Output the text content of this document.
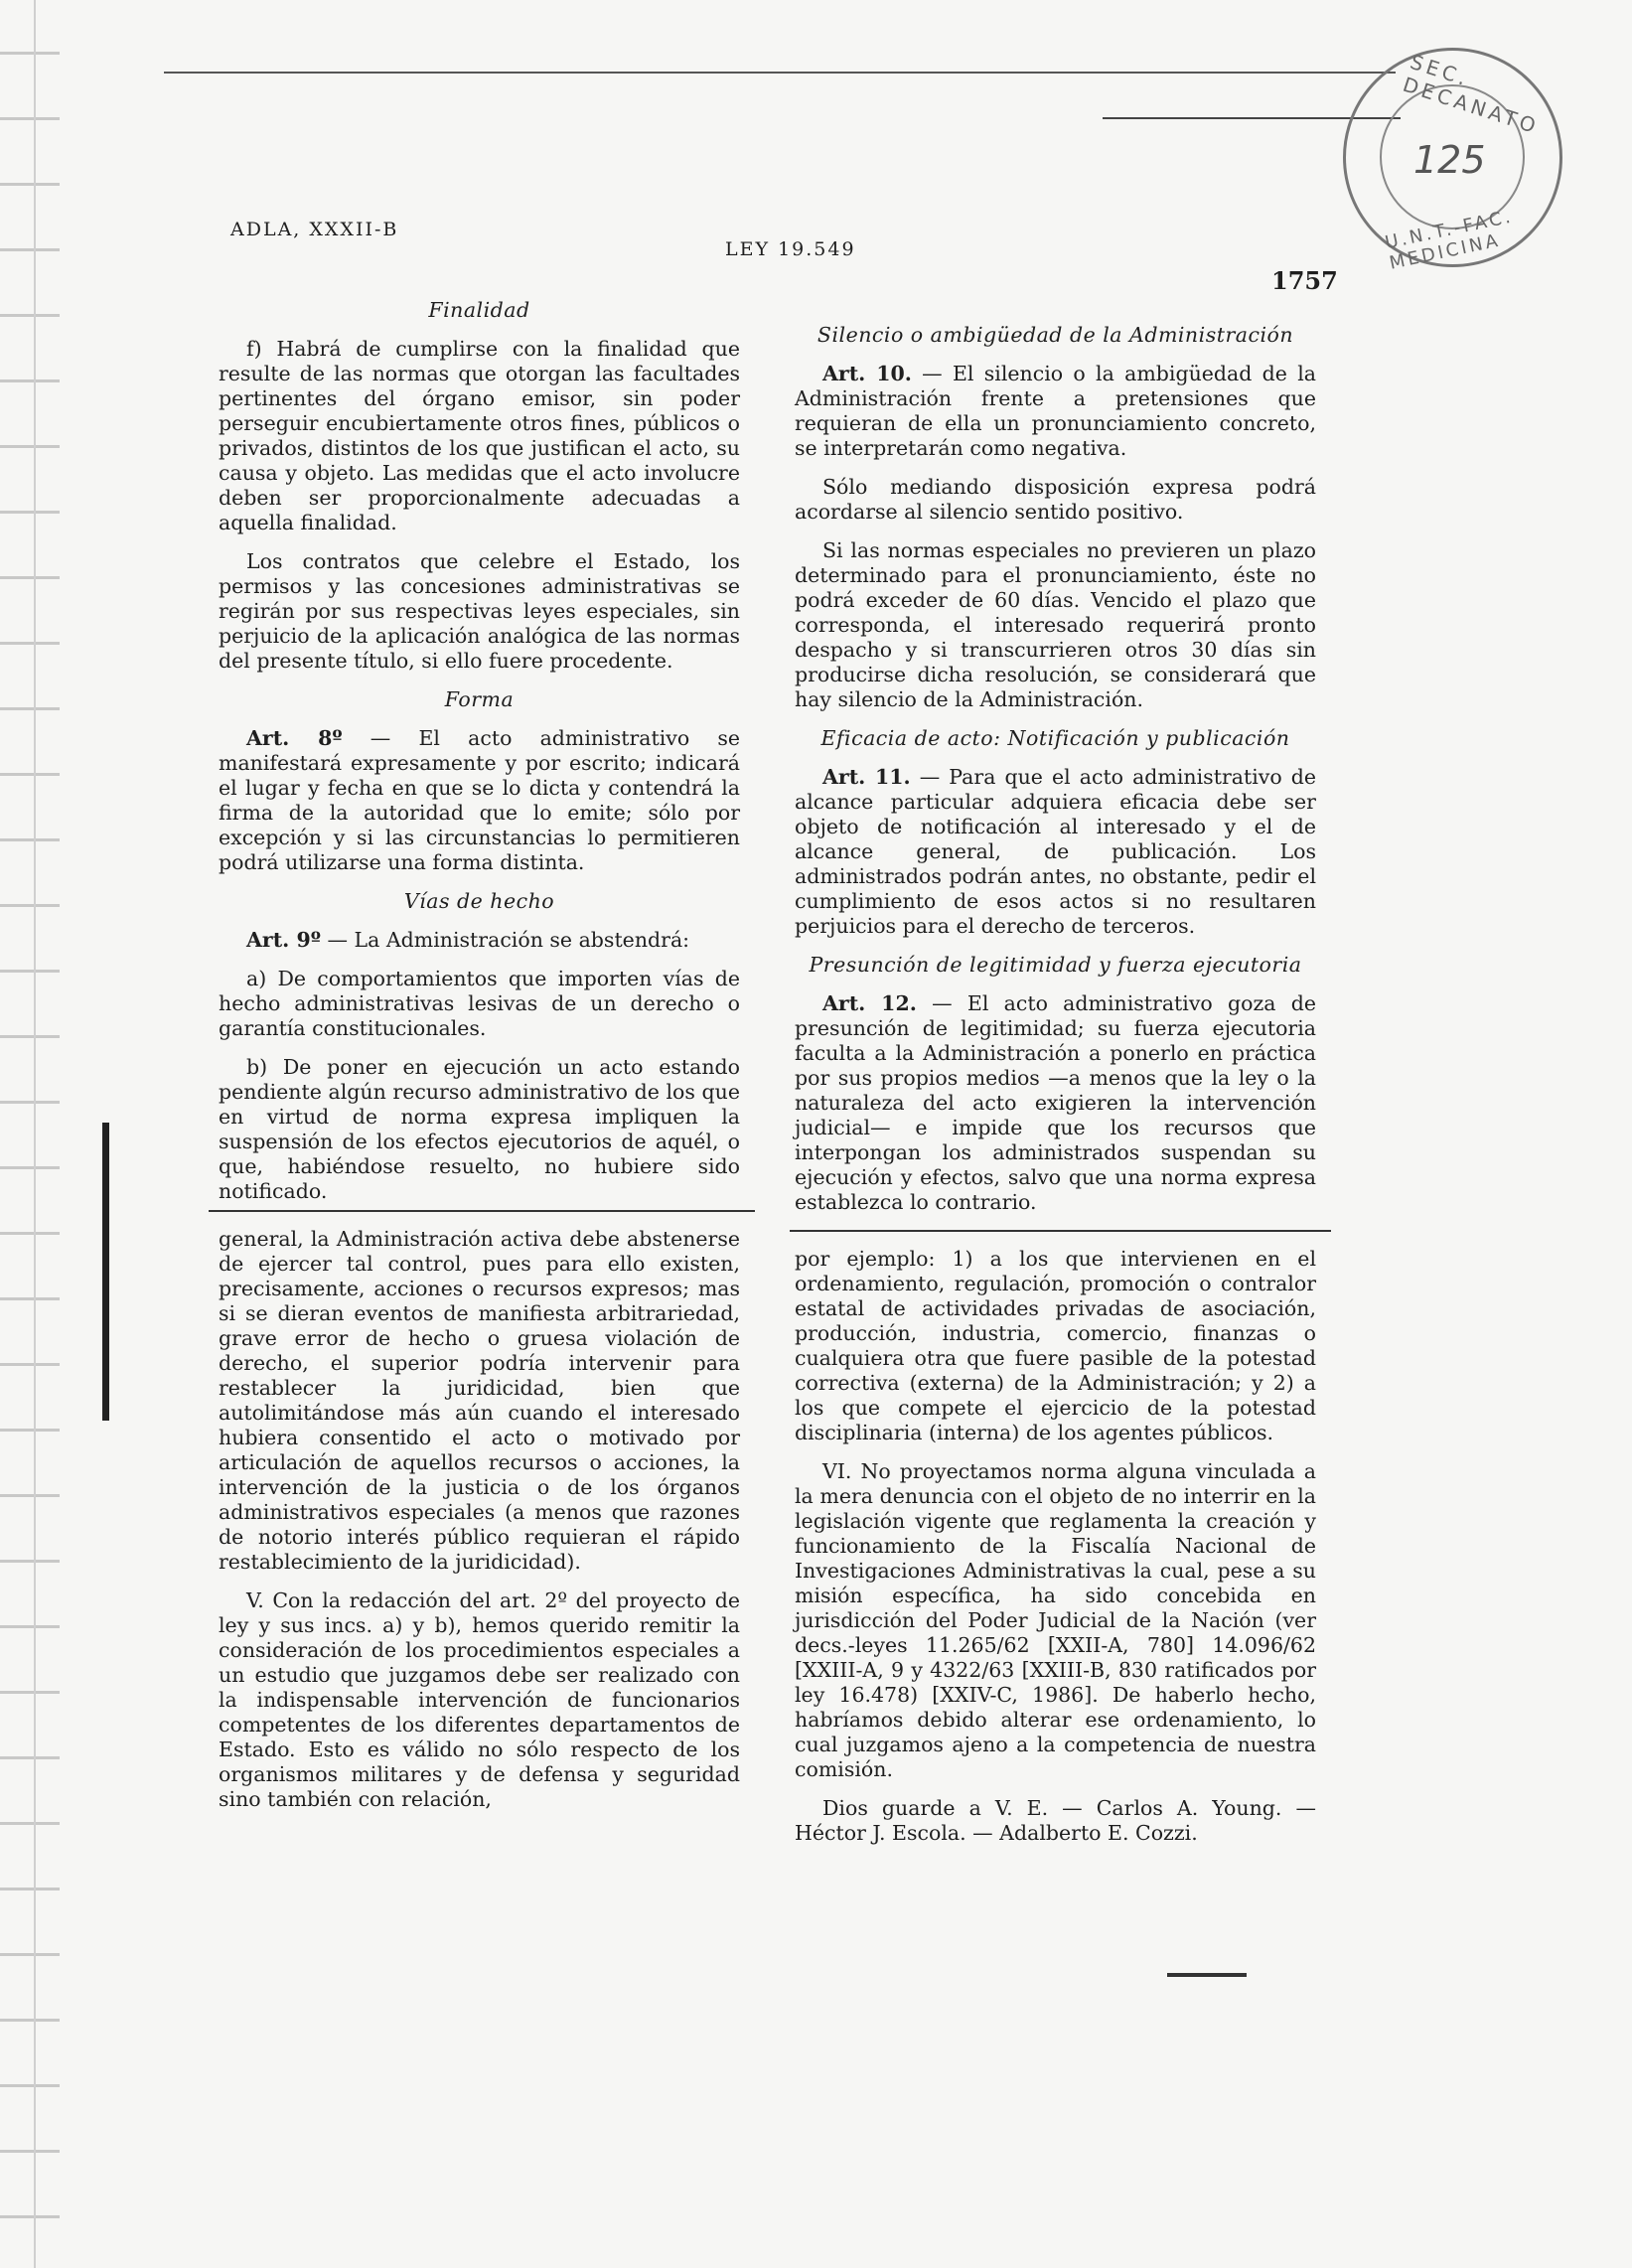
SEC. DECANATO
125
U.N.T.-FAC. MEDICINA
ADLA, XXXII-B
LEY 19.549
1757
Finalidad

f) Habrá de cumplirse con la finalidad que resulte de las normas que otorgan las facultades pertinentes del órgano emisor, sin poder perseguir encubiertamente otros fines, públicos o privados, distintos de los que justifican el acto, su causa y objeto. Las medidas que el acto involucre deben ser proporcionalmente adecuadas a aquella finalidad.

Los contratos que celebre el Estado, los permisos y las concesiones administrativas se regirán por sus respectivas leyes especiales, sin perjuicio de la aplicación analógica de las normas del presente título, si ello fuere procedente.

Forma

Art. 8º — El acto administrativo se manifestará expresamente y por escrito; indicará el lugar y fecha en que se lo dicta y contendrá la firma de la autoridad que lo emite; sólo por excepción y si las circunstancias lo permitieren podrá utilizarse una forma distinta.

Vías de hecho

Art. 9º — La Administración se abstendrá:

a) De comportamientos que importen vías de hecho administrativas lesivas de un derecho o garantía constitucionales.

b) De poner en ejecución un acto estando pendiente algún recurso administrativo de los que en virtud de norma expresa impliquen la suspensión de los efectos ejecutorios de aquél, o que, habiéndose resuelto, no hubiere sido notificado.

Silencio o ambigüedad de la Administración

Art. 10. — El silencio o la ambigüedad de la Administración frente a pretensiones que requieran de ella un pronunciamiento concreto, se interpretarán como negativa.

Sólo mediando disposición expresa podrá acordarse al silencio sentido positivo.

Si las normas especiales no previeren un plazo determinado para el pronunciamiento, éste no podrá exceder de 60 días. Vencido el plazo que corresponda, el interesado requerirá pronto despacho y si transcurrieren otros 30 días sin producirse dicha resolución, se considerará que hay silencio de la Administración.

Eficacia de acto: Notificación y publicación

Art. 11. — Para que el acto administrativo de alcance particular adquiera eficacia debe ser objeto de notificación al interesado y el de alcance general, de publicación. Los administrados podrán antes, no obstante, pedir el cumplimiento de esos actos si no resultaren perjuicios para el derecho de terceros.

Presunción de legitimidad y fuerza ejecutoria

Art. 12. — El acto administrativo goza de presunción de legitimidad; su fuerza ejecutoria faculta a la Administración a ponerlo en práctica por sus propios medios —a menos que la ley o la naturaleza del acto exigieren la intervención judicial— e impide que los recursos que interpongan los administrados suspendan su ejecución y efectos, salvo que una norma expresa establezca lo contrario.

general, la Administración activa debe abstenerse de ejercer tal control, pues para ello existen, precisamente, acciones o recursos expresos; mas si se dieran eventos de manifiesta arbitrariedad, grave error de hecho o gruesa violación de derecho, el superior podría intervenir para restablecer la juridicidad, bien que autolimitándose más aún cuando el interesado hubiera consentido el acto o motivado por articulación de aquellos recursos o acciones, la intervención de la justicia o de los órganos administrativos especiales (a menos que razones de notorio interés público requieran el rápido restablecimiento de la juridicidad).

V. Con la redacción del art. 2º del proyecto de ley y sus incs. a) y b), hemos querido remitir la consideración de los procedimientos especiales a un estudio que juzgamos debe ser realizado con la indispensable intervención de funcionarios competentes de los diferentes departamentos de Estado. Esto es válido no sólo respecto de los organismos militares y de defensa y seguridad sino también con relación,

por ejemplo: 1) a los que intervienen en el ordenamiento, regulación, promoción o contralor estatal de actividades privadas de asociación, producción, industria, comercio, finanzas o cualquiera otra que fuere pasible de la potestad correctiva (externa) de la Administración; y 2) a los que compete el ejercicio de la potestad disciplinaria (interna) de los agentes públicos.

VI. No proyectamos norma alguna vinculada a la mera denuncia con el objeto de no interrir en la legislación vigente que reglamenta la creación y funcionamiento de la Fiscalía Nacional de Investigaciones Administrativas la cual, pese a su misión específica, ha sido concebida en jurisdicción del Poder Judicial de la Nación (ver decs.-leyes 11.265/62 [XXII-A, 780] 14.096/62 [XXIII-A, 9 y 4322/63 [XXIII-B, 830 ratificados por ley 16.478) [XXIV-C, 1986]. De haberlo hecho, habríamos debido alterar ese ordenamiento, lo cual juzgamos ajeno a la competencia de nuestra comisión.

Dios guarde a V. E. — Carlos A. Young. — Héctor J. Escola. — Adalberto E. Cozzi.
